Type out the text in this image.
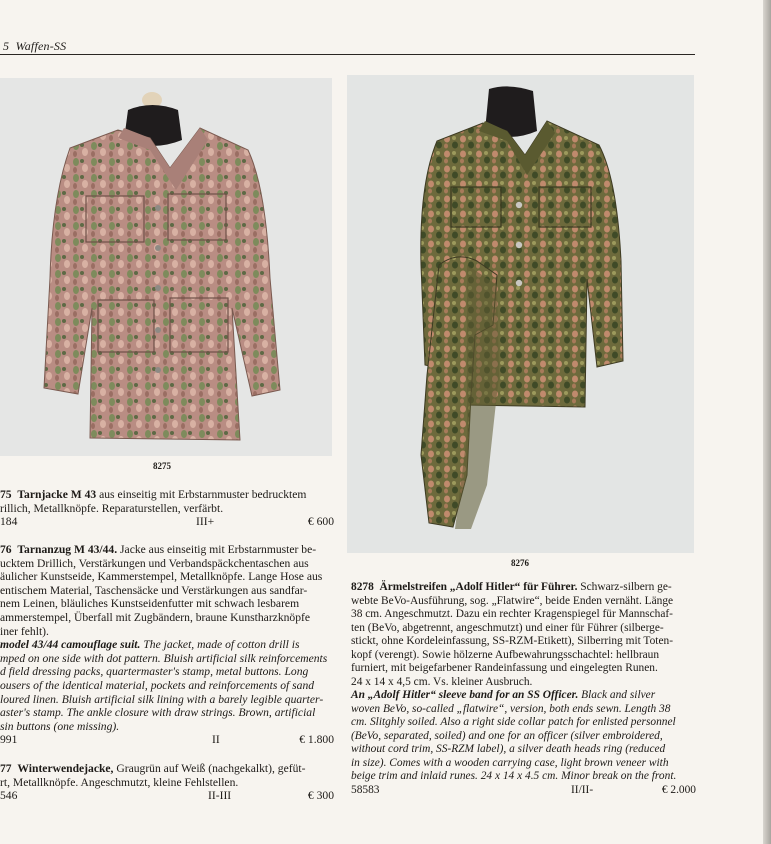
5 Waffen-SS
8275
8276

75 Tarnjacke M 43 aus einseitig mit Erbstarnmuster bedrucktem

rillich, Metallknöpfe. Reparaturstellen, verfärbt.

184	III+	€ 600

76 Tarnanzug M 43/44. Jacke aus einseitig mit Erbstarnmuster be-

ucktem Drillich, Verstärkungen und Verbandspäckchentaschen aus

äulicher Kunstseide, Kammerstempel, Metallknöpfe. Lange Hose aus

entischem Material, Taschensäcke und Verstärkungen aus sandfar-

nem Leinen, bläuliches Kunstseidenfutter mit schwach lesbarem

ammerstempel, Überfall mit Zugbändern, braune Kunstharzknöpfe

iner fehlt).

model 43/44 camouflage suit. The jacket, made of cotton drill is

mped on one side with dot pattern. Bluish artificial silk reinforcements

d field dressing packs, quartermaster's stamp, metal buttons. Long

ousers of the identical material, pockets and reinforcements of sand

loured linen. Bluish artificial silk lining with a barely legible quarter-

aster's stamp. The ankle closure with draw strings. Brown, artificial

sin buttons (one missing).

991	II	€ 1.800

77 Winterwendejacke, Graugrün auf Weiß (nachgekalkt), gefüt-

rt, Metallknöpfe. Angeschmutzt, kleine Fehlstellen.

546	II-III	€ 300

8278 Ärmelstreifen „Adolf Hitler“ für Führer. Schwarz-silbern ge-

webte BeVo-Ausführung, sog. „Flatwire“, beide Enden vernäht. Länge

38 cm. Angeschmutzt. Dazu ein rechter Kragenspiegel für Mannschaf-

ten (BeVo, abgetrennt, angeschmutzt) und einer für Führer (silberge-

stickt, ohne Kordeleinfassung, SS-RZM-Etikett), Silberring mit Toten-

kopf (verengt). Sowie hölzerne Aufbewahrungsschachtel: hellbraun

furniert, mit beigefarbener Randeinfassung und eingelegten Runen.

24 x 14 x 4,5 cm. Vs. kleiner Ausbruch.

An „Adolf Hitler“ sleeve band for an SS Officer. Black and silver

woven BeVo, so-called „flatwire“, version, both ends sewn. Length 38

cm. Slitghly soiled. Also a right side collar patch for enlisted personnel

(BeVo, separated, soiled) and one for an officer (silver embroidered,

without cord trim, SS-RZM label), a silver death heads ring (reduced

in size). Comes with a wooden carrying case, light brown veneer with

beige trim and inlaid runes. 24 x 14 x 4.5 cm. Minor break on the front.

58583	II/II-	€ 2.000
